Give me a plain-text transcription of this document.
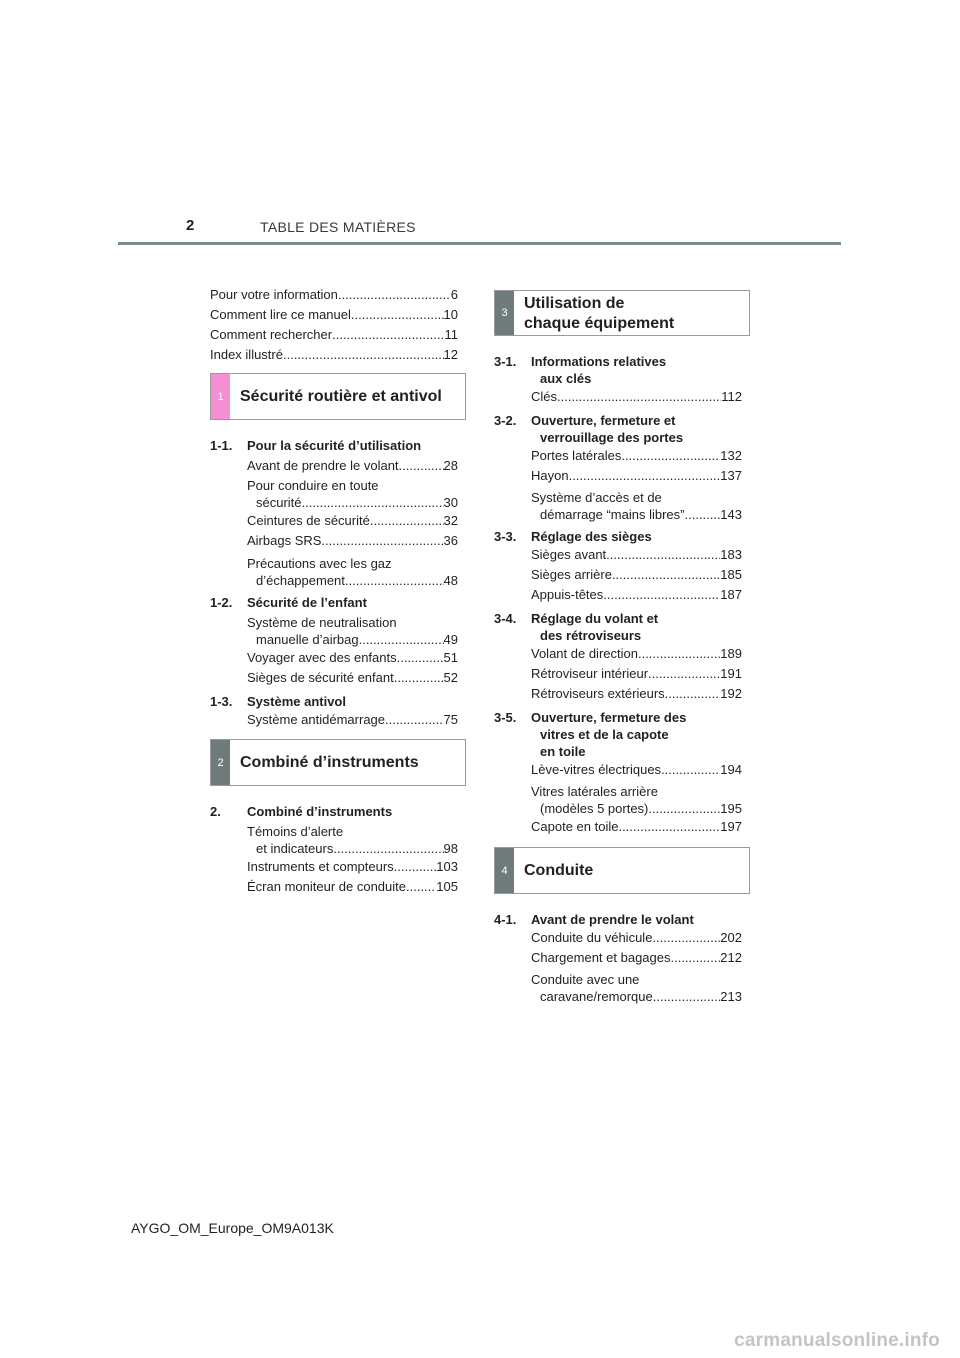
2	TABLE DES MATIÈRES
Pour votre information .....	6
Comment lire ce manuel .....	10
Comment rechercher .....	11
Index illustré .....	12
1	Sécurité routière et antivol
1-1.	Pour la sécurité d’utilisation
Avant de prendre le volant .....	28
Pour conduire en toute
sécurité .....	30
Ceintures de sécurité .....	32
Airbags SRS .....	36
Précautions avec les gaz
d’échappement .....	48
1-2.	Sécurité de l’enfant
Système de neutralisation
manuelle d’airbag .....	49
Voyager avec des enfants .....	51
Sièges de sécurité enfant .....	52
1-3.	Système antivol
Système antidémarrage .....	75
2	Combiné d’instruments
2.	Combiné d’instruments
Témoins d’alerte
et indicateurs .....	98
Instruments et compteurs .....	103
Écran moniteur de conduite ..... 105
3
Utilisation de
chaque équipement
3-1.	Informations relatives
aux clés
Clés .....	112
3-2.	Ouverture, fermeture et
verrouillage des portes
Portes latérales .....	132
Hayon .....	137
Système d’accès et de
démarrage “mains libres” .....	143
3-3.	Réglage des sièges
Sièges avant .....	183
Sièges arrière .....	185
Appuis-têtes .....	187
3-4.	Réglage du volant et
des rétroviseurs
Volant de direction .....	189
Rétroviseur intérieur .....	191
Rétroviseurs extérieurs .....	192
3-5.	Ouverture, fermeture des
vitres et de la capote
en toile
Lève-vitres électriques .....	194
Vitres latérales arrière
(modèles 5 portes) .....	195
Capote en toile .....	197
4	Conduite
4-1.	Avant de prendre le volant
Conduite du véhicule .....	202
Chargement et bagages .....	212
Conduite avec une
caravane/remorque .....	213
AYGO_OM_Europe_OM9A013K
carmanualsonline.info
